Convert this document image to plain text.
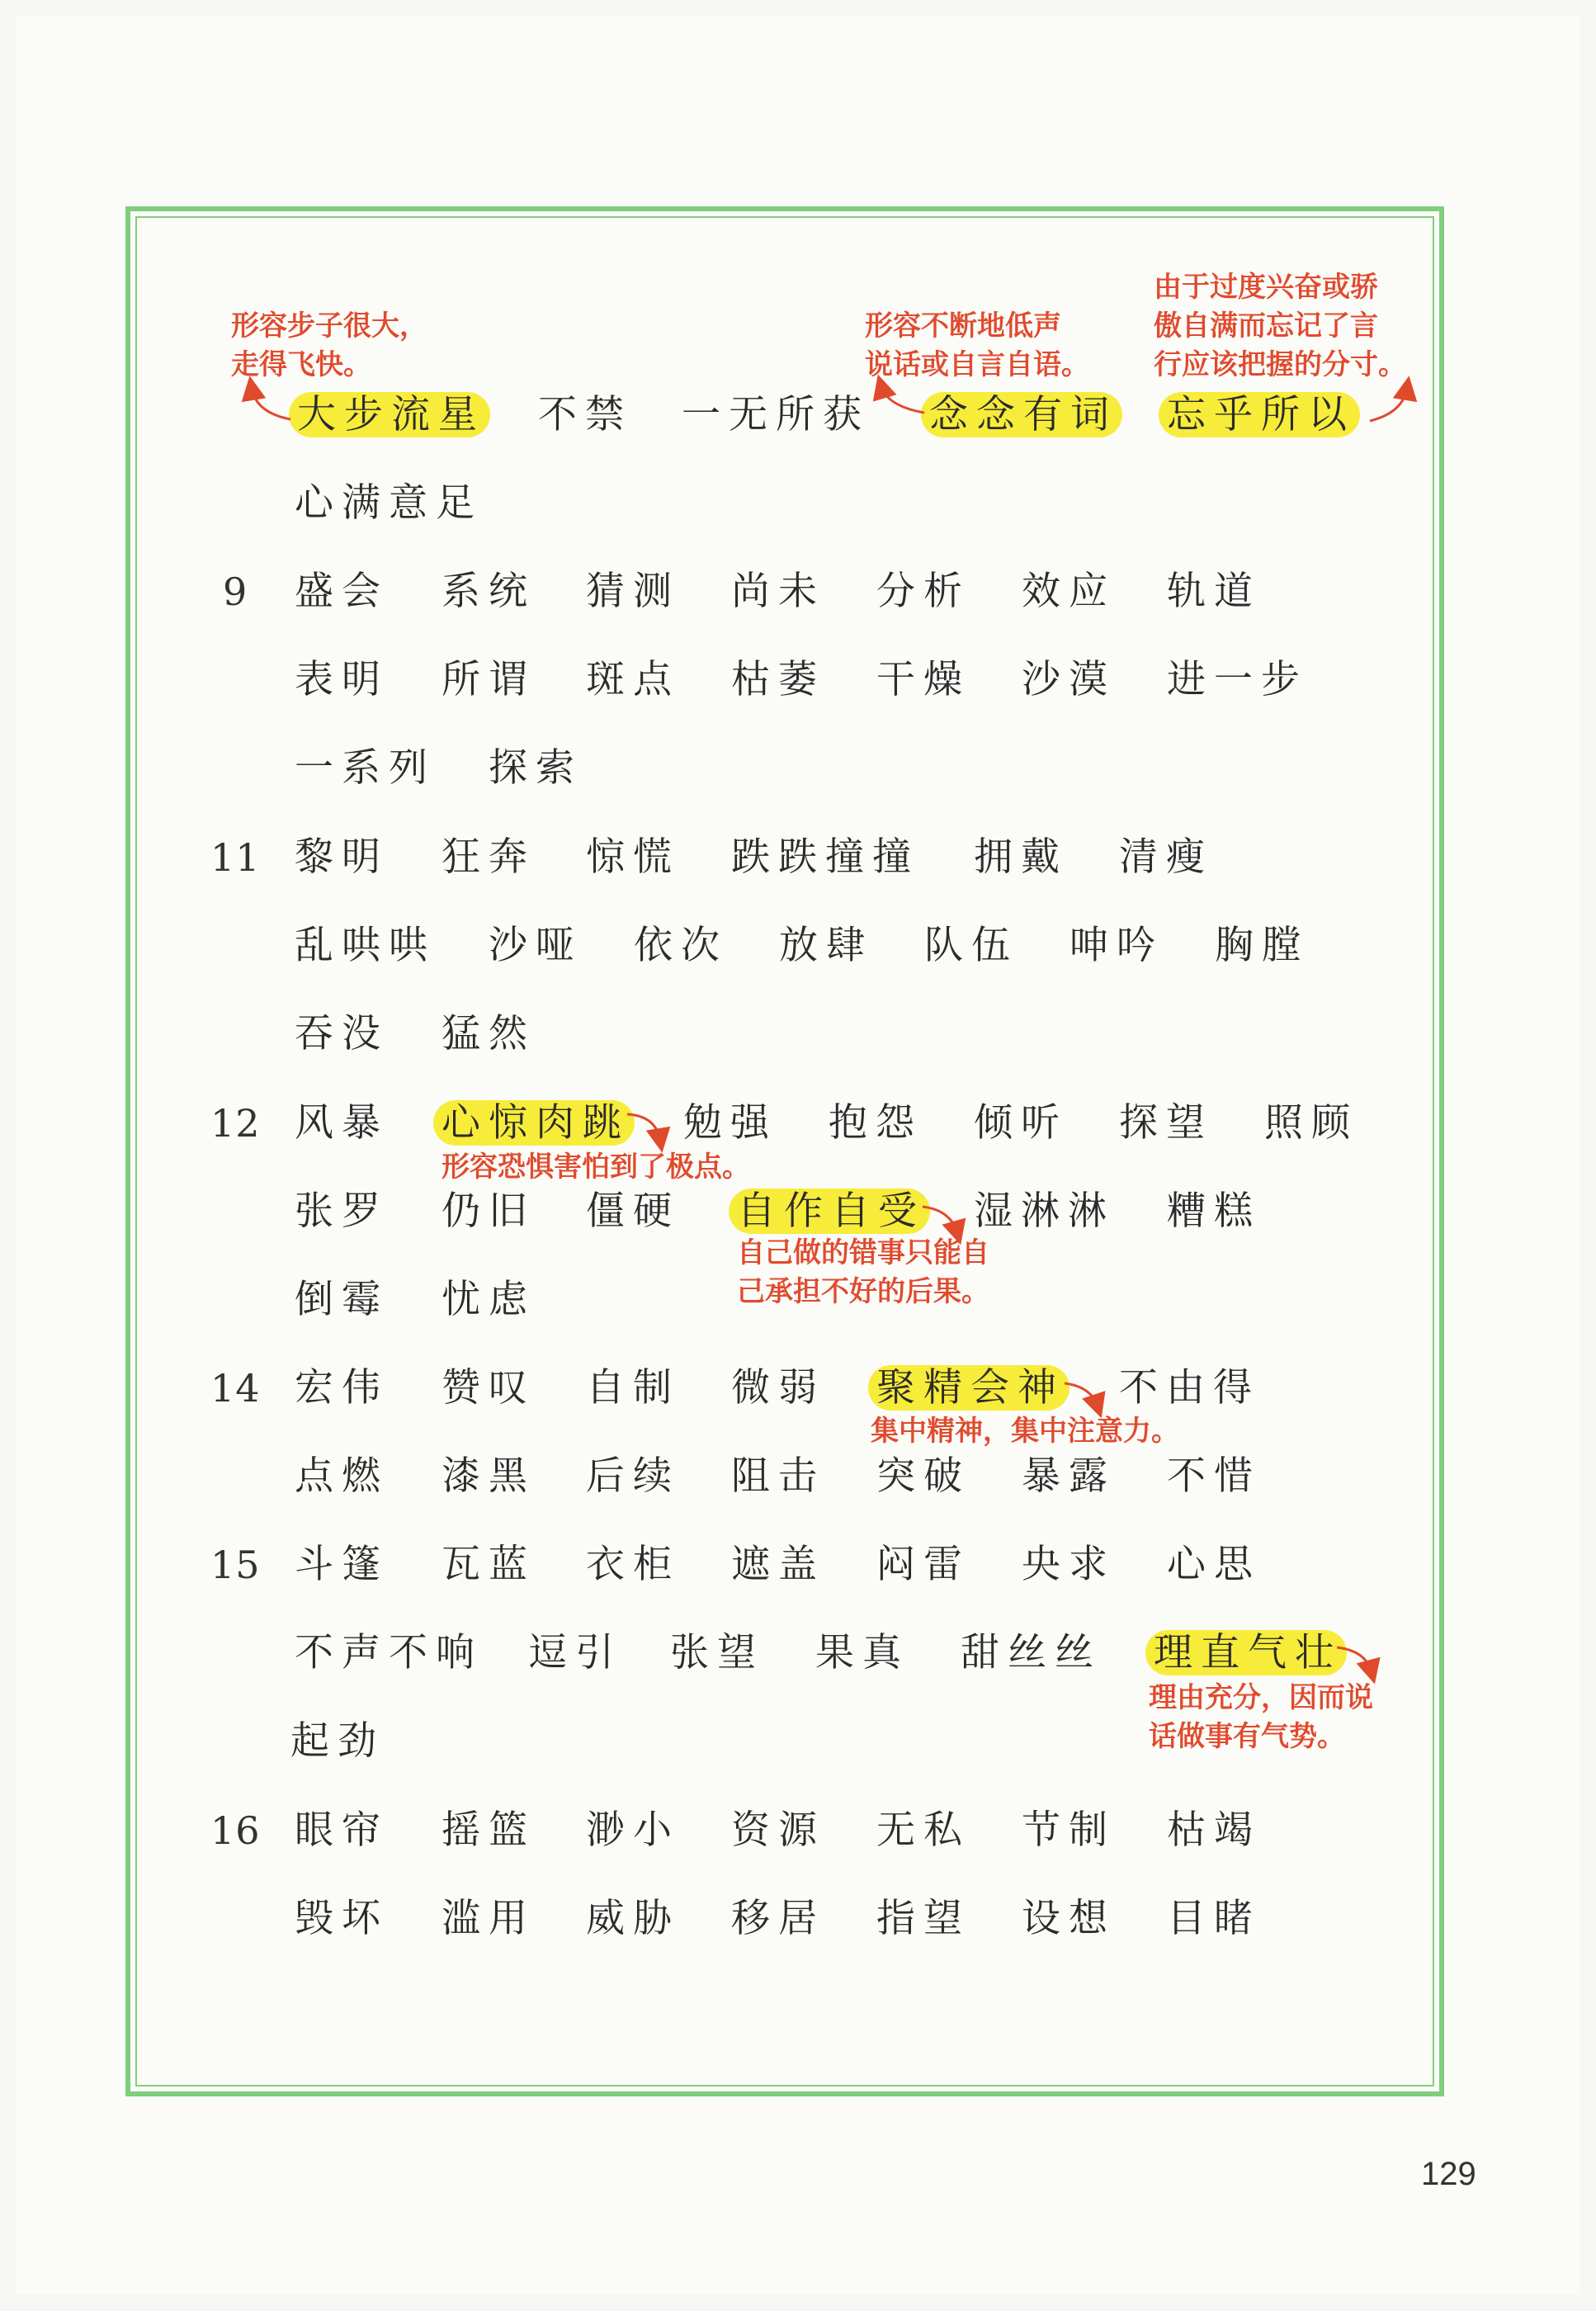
大步流星 不禁 一无所获 念念有词 忘乎所以
心满意足
形容步子很大，
走得飞快。
形容不断地低声
说话或自言自语。
由于过度兴奋或骄
傲自满而忘记了言
行应该把握的分寸。
9 盛会 系统 猜测 尚未 分析 效应 轨道
表明 所谓 斑点 枯萎 干燥 沙漠 进一步
一系列 探索
11 黎明 狂奔 惊慌 跌跌撞撞 拥戴 清瘦
乱哄哄 沙哑 依次 放肆 队伍 呻吟 胸膛
吞没 猛然
12 风暴 心惊肉跳 勉强 抱怨 倾听 探望 照顾
形容恐惧害怕到了极点。
张罗 仍旧 僵硬 自作自受 湿淋淋 糟糕
自己做的错事只能自
己承担不好的后果。
倒霉 忧虑
14 宏伟 赞叹 自制 微弱 聚精会神 不由得
集中精神，集中注意力。
点燃 漆黑 后续 阻击 突破 暴露 不惜
15 斗篷 瓦蓝 衣柜 遮盖 闷雷 央求 心思
不声不响 逗引 张望 果真 甜丝丝 理直气壮
理由充分，因而说
话做事有气势。
起劲
16 眼帘 摇篮 渺小 资源 无私 节制 枯竭
毁坏 滥用 威胁 移居 指望 设想 目睹
129
